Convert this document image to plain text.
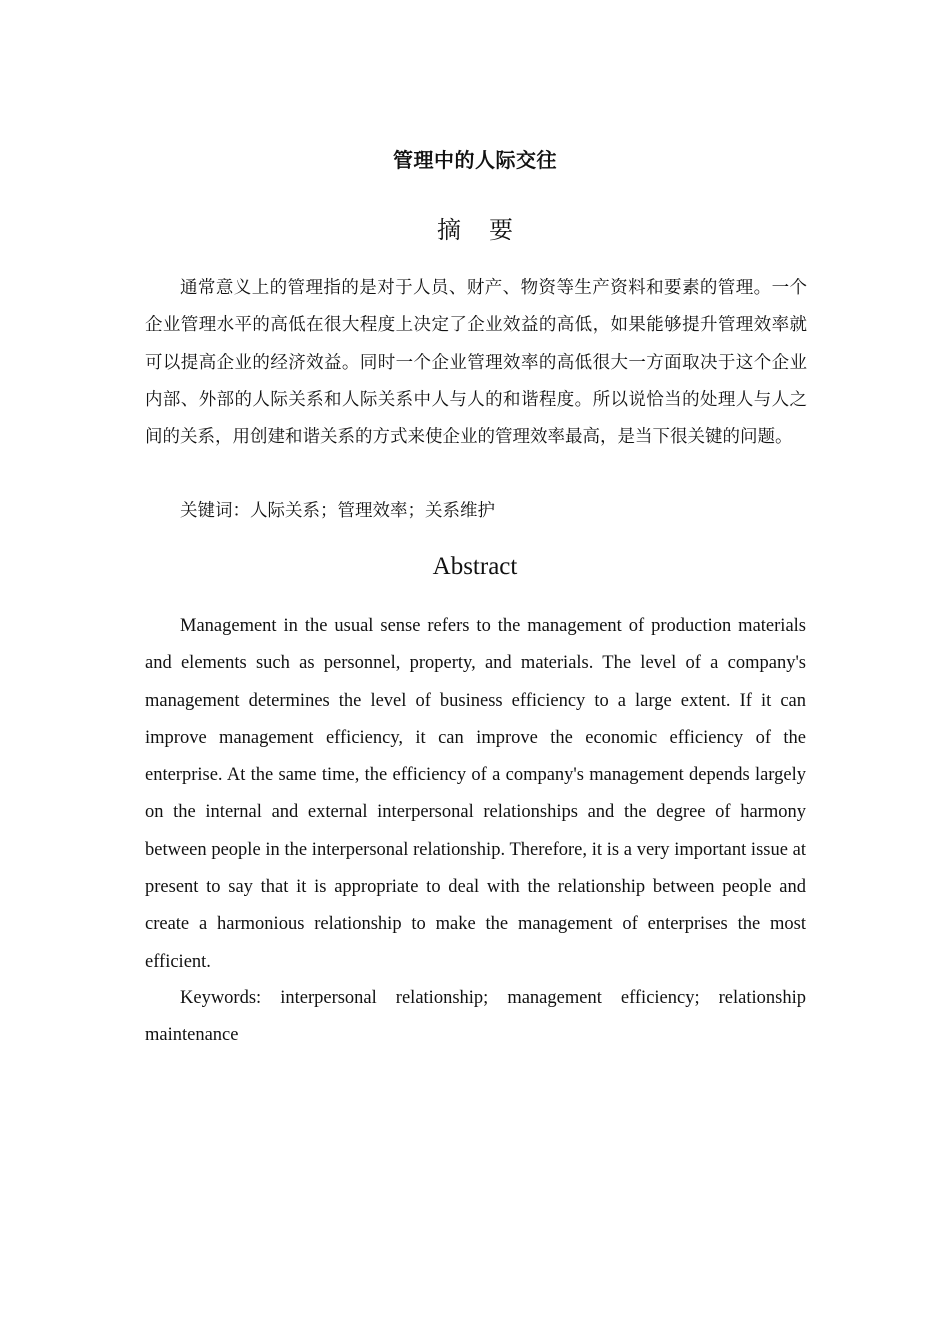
管理中的人际交往
摘要

通常意义上的管理指的是对于人员、财产、物资等生产资料和要素的管理。一个企业管理水平的高低在很大程度上决定了企业效益的高低，如果能够提升管理效率就可以提高企业的经济效益。同时一个企业管理效率的高低很大一方面取决于这个企业内部、外部的人际关系和人际关系中人与人的和谐程度。所以说恰当的处理人与人之间的关系，用创建和谐关系的方式来使企业的管理效率最高，是当下很关键的问题。

关键词：人际关系；管理效率；关系维护

Abstract

Management in the usual sense refers to the management of production materials and elements such as personnel, property, and materials. The level of a company's management determines the level of business efficiency to a large extent. If it can improve management efficiency, it can improve the economic efficiency of the enterprise. At the same time, the efficiency of a company's management depends largely on the internal and external interpersonal relationships and the degree of harmony between people in the interpersonal relationship. Therefore, it is a very important issue at present to say that it is appropriate to deal with the relationship between people and create a harmonious relationship to make the management of enterprises the most efficient.

Keywords: interpersonal relationship; management efficiency; relationship maintenance
